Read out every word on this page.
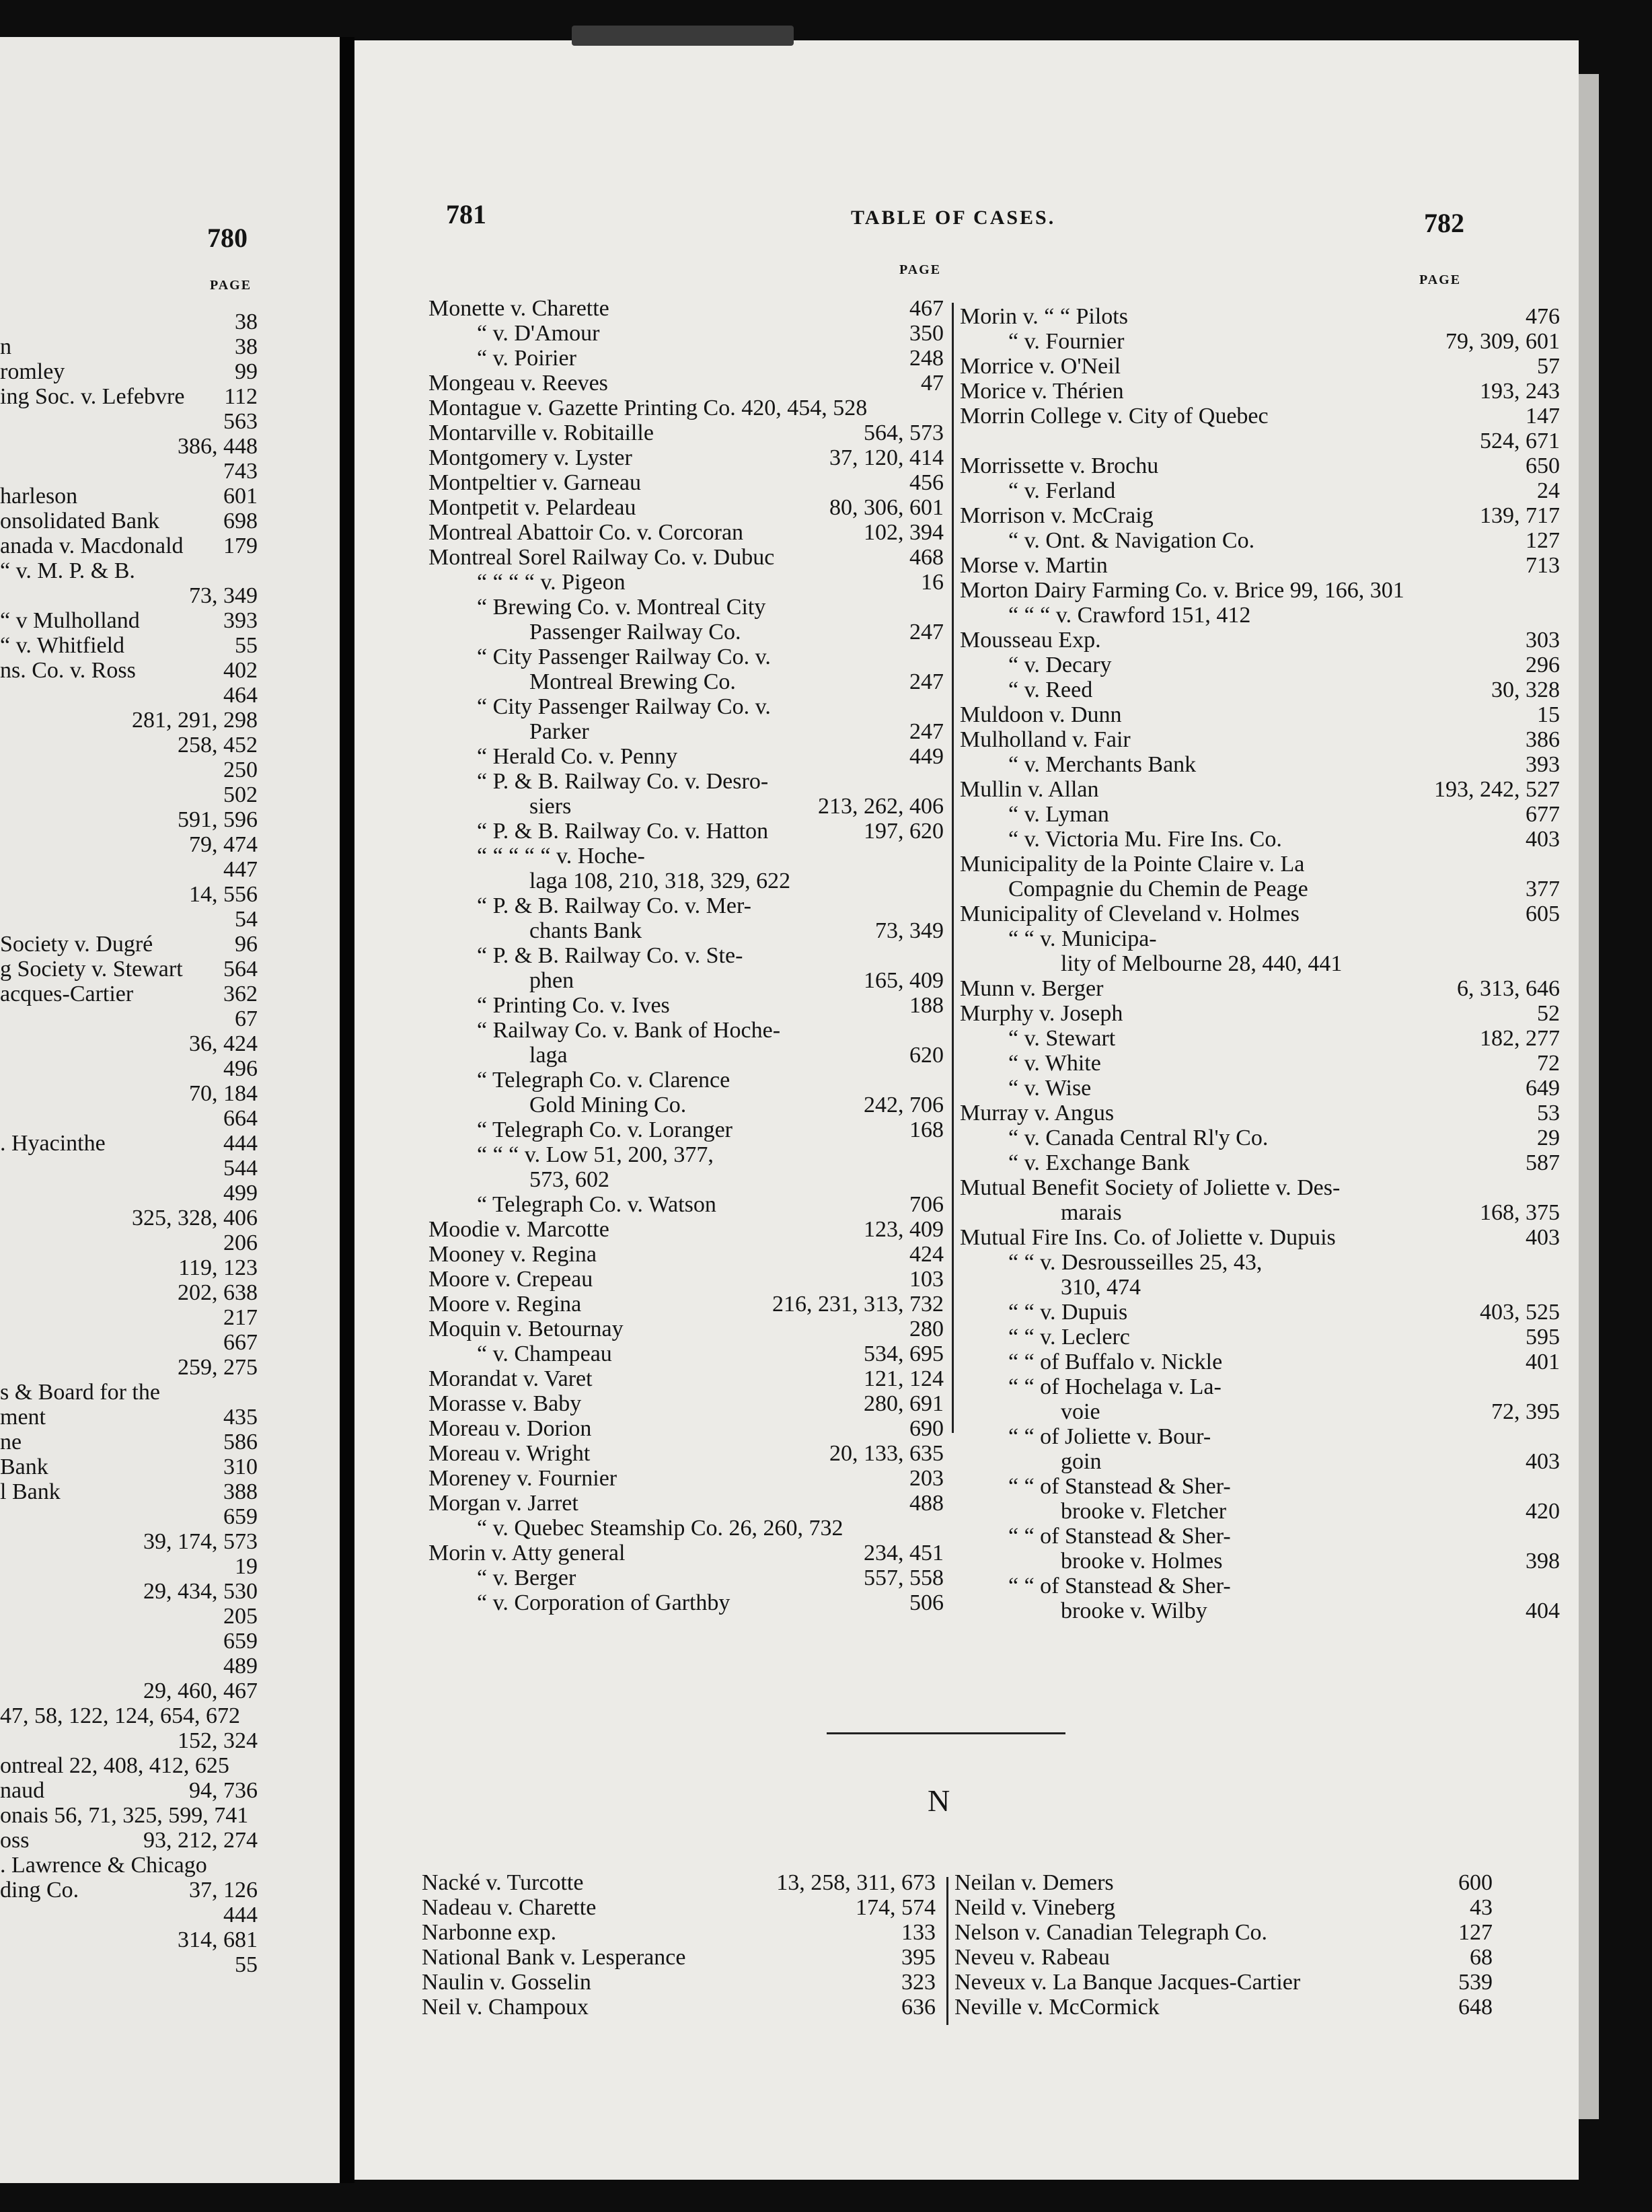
780
PAGE
38
n	38
romley	99
ing Soc. v. Lefebvre 112
563
386, 448
743
harleson	601
onsolidated Bank	698
anada v. Macdonald 179
“ v. M. P. & B.
73, 349
“ v Mulholland	393
“ v. Whitfield	55
ns. Co. v. Ross	402
464
281, 291, 298
258, 452
250
502
591, 596
79, 474
447
14, 556
54
Society v. Dugré	96
g Society v. Stewart 564
acques-Cartier	362
67
36, 424
496
70, 184
664
. Hyacinthe	444
544
499
325, 328, 406
206
119, 123
202, 638
217
667
259, 275
s & Board for the
ment	435
ne	586
Bank	310
l Bank	388
659
39, 174, 573
19
29, 434, 530
205
659
489
29, 460, 467
47, 58, 122, 124, 654, 672
152, 324
ontreal 22, 408, 412, 625
naud	94, 736
onais 56, 71, 325, 599, 741
oss	93, 212, 274
. Lawrence & Chicago
ding Co.	37, 126
444
314, 681
55
781	TABLE OF CASES.	782
PAGE
PAGE
Monette v. Charette	467
“ v. D'Amour	350
“ v. Poirier	248
Mongeau v. Reeves	47
Montague v. Gazette Printing Co. 420, 454, 528
Montarville v. Robitaille	564, 573
Montgomery v. Lyster	37, 120, 414
Montpeltier v. Garneau	456
Montpetit v. Pelardeau	80, 306, 601
Montreal Abattoir Co. v. Corcoran	102, 394
Montreal Sorel Railway Co. v. Dubuc	468
“ “ “ “ v. Pigeon	16
“ Brewing Co. v. Montreal City
Passenger Railway Co.	247
“ City Passenger Railway Co. v.
Montreal Brewing Co.	247
“ City Passenger Railway Co. v.
Parker	247
“ Herald Co. v. Penny	449
“ P. & B. Railway Co. v. Desro-
siers	213, 262, 406
“ P. & B. Railway Co. v. Hatton	197, 620
“ “ “ “ “ v. Hoche-
laga 108, 210, 318, 329, 622
“ P. & B. Railway Co. v. Mer-
chants Bank	73, 349
“ P. & B. Railway Co. v. Ste-
phen	165, 409
“ Printing Co. v. Ives	188
“ Railway Co. v. Bank of Hoche-
laga	620
“ Telegraph Co. v. Clarence
Gold Mining Co.	242, 706
“ Telegraph Co. v. Loranger	168
“ “ “ v. Low 51, 200, 377,
573, 602
“ Telegraph Co. v. Watson	706
Moodie v. Marcotte	123, 409
Mooney v. Regina	424
Moore v. Crepeau	103
Moore v. Regina	216, 231, 313, 732
Moquin v. Betournay	280
“ v. Champeau	534, 695
Morandat v. Varet	121, 124
Morasse v. Baby	280, 691
Moreau v. Dorion	690
Moreau v. Wright	20, 133, 635
Moreney v. Fournier	203
Morgan v. Jarret	488
“ v. Quebec Steamship Co. 26, 260, 732
Morin v. Atty general	234, 451
“ v. Berger	557, 558
“ v. Corporation of Garthby	506
Morin v. “ “ Pilots	476
“ v. Fournier	79, 309, 601
Morrice v. O'Neil	57
Morice v. Thérien	193, 243
Morrin College v. City of Quebec	147
524, 671
Morrissette v. Brochu	650
“ v. Ferland	24
Morrison v. McCraig	139, 717
“ v. Ont. & Navigation Co.	127
Morse v. Martin	713
Morton Dairy Farming Co. v. Brice 99, 166, 301
“ “ “ v. Crawford 151, 412
Mousseau Exp.	303
“ v. Decary	296
“ v. Reed	30, 328
Muldoon v. Dunn	15
Mulholland v. Fair	386
“ v. Merchants Bank	393
Mullin v. Allan	193, 242, 527
“ v. Lyman	677
“ v. Victoria Mu. Fire Ins. Co.	403
Municipality de la Pointe Claire v. La
Compagnie du Chemin de Peage	377
Municipality of Cleveland v. Holmes	605
“ “ v. Municipa-
lity of Melbourne 28, 440, 441
Munn v. Berger	6, 313, 646
Murphy v. Joseph	52
“ v. Stewart	182, 277
“ v. White	72
“ v. Wise	649
Murray v. Angus	53
“ v. Canada Central Rl'y Co.	29
“ v. Exchange Bank	587
Mutual Benefit Society of Joliette v. Des-
marais	168, 375
Mutual Fire Ins. Co. of Joliette v. Dupuis	403
“ “ v. Desrousseilles 25, 43,
310, 474
“ “ v. Dupuis	403, 525
“ “ v. Leclerc	595
“ “ of Buffalo v. Nickle	401
“ “ of Hochelaga v. La-
voie	72, 395
“ “ of Joliette v. Bour-
goin	403
“ “ of Stanstead & Sher-
brooke v. Fletcher	420
“ “ of Stanstead & Sher-
brooke v. Holmes	398
“ “ of Stanstead & Sher-
brooke v. Wilby	404
N
Nacké v. Turcotte	13, 258, 311, 673
Nadeau v. Charette	174, 574
Narbonne exp.	133
National Bank v. Lesperance	395
Naulin v. Gosselin	323
Neil v. Champoux	636
Neilan v. Demers	600
Neild v. Vineberg	43
Nelson v. Canadian Telegraph Co.	127
Neveu v. Rabeau	68
Neveux v. La Banque Jacques-Cartier	539
Neville v. McCormick	648
